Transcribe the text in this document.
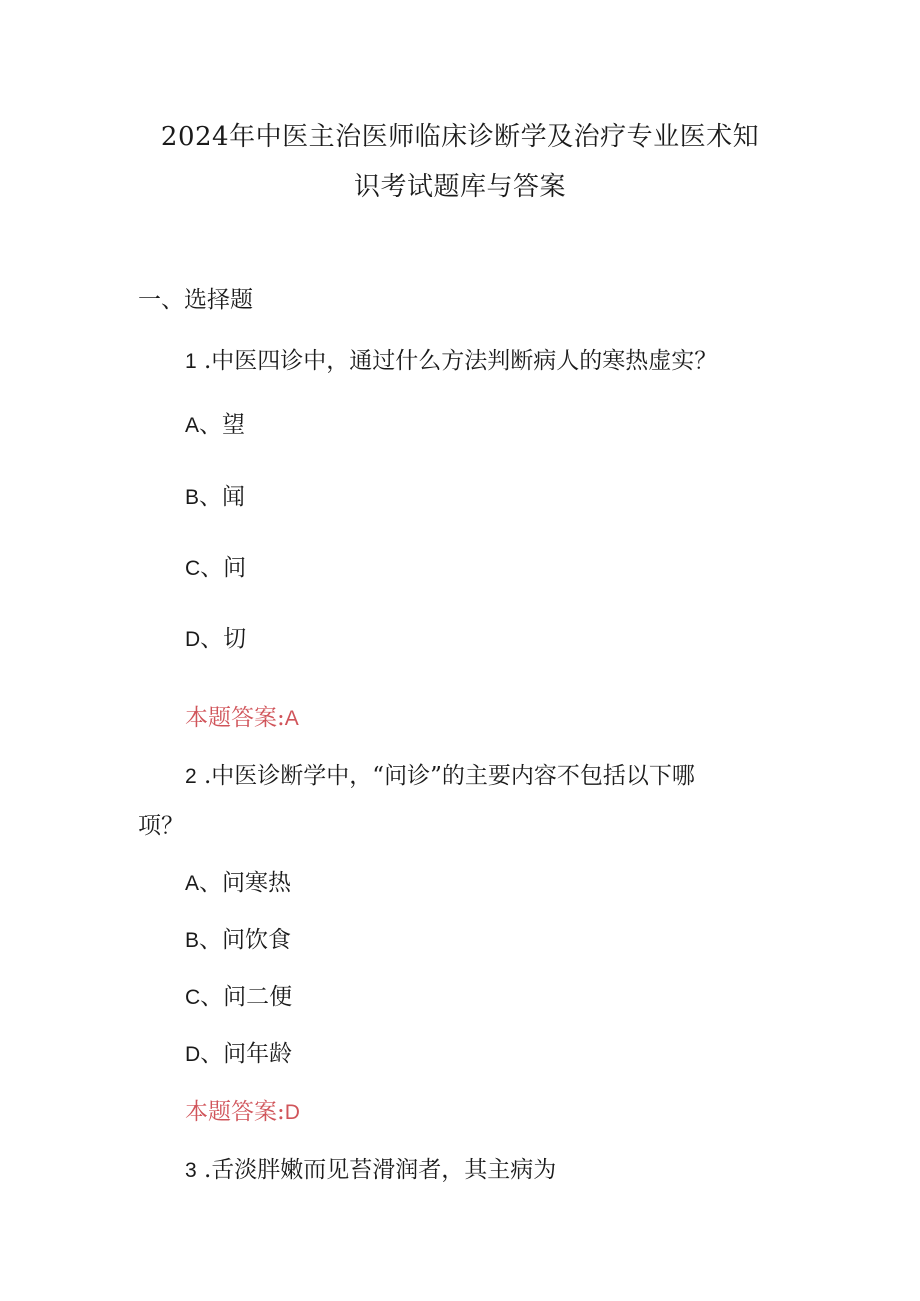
2024年中医主治医师临床诊断学及治疗专业医术知
识考试题库与答案
一、选择题
1 .中医四诊中，通过什么方法判断病人的寒热虚实？
A、望
B、闻
C、问
D、切
本题答案:A
2 .中医诊断学中，“问诊”的主要内容不包括以下哪
项？
A、问寒热
B、问饮食
C、问二便
D、问年龄
本题答案:D
3 .舌淡胖嫩而见苔滑润者，其主病为
